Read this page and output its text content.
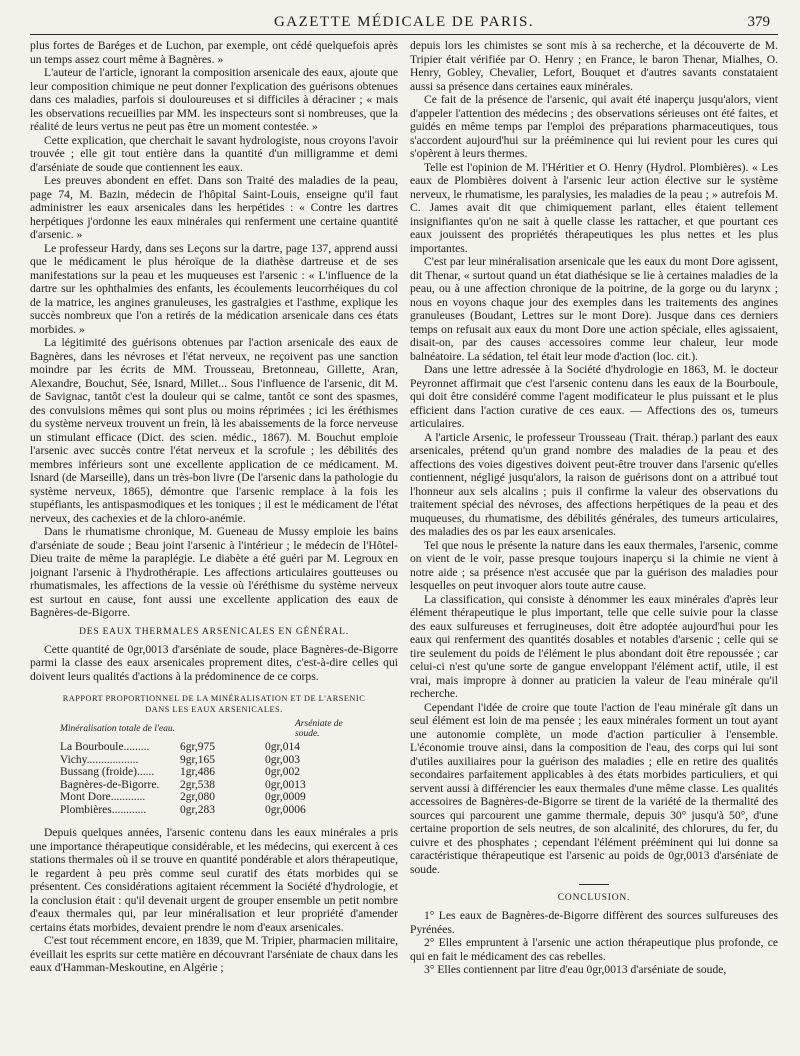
GAZETTE MÉDICALE DE PARIS.	379

plus fortes de Baréges et de Luchon, par exemple, ont cédé quelquefois après un temps assez court même à Bagnères. »

L'auteur de l'article, ignorant la composition arsenicale des eaux, ajoute que leur composition chimique ne peut donner l'explication des guérisons obtenues dans ces maladies, parfois si douloureuses et si difficiles à déraciner ; « mais les observations recueillies par MM. les inspecteurs sont si nombreuses, que la réalité de leurs vertus ne peut pas être un moment contestée. »

Cette explication, que cherchait le savant hydrologiste, nous croyons l'avoir trouvée ; elle git tout entière dans la quantité d'un milligramme et demi d'arséniate de soude que contiennent les eaux.

Les preuves abondent en effet. Dans son Traité des maladies de la peau, page 74, M. Bazin, médecin de l'hôpital Saint-Louis, enseigne qu'il faut administrer les eaux arsenicales dans les herpétides : « Contre les dartres herpétiques j'ordonne les eaux minérales qui renferment une certaine quantité d'arsenic. »

Le professeur Hardy, dans ses Leçons sur la dartre, page 137, apprend aussi que le médicament le plus héroïque de la diathèse dartreuse et de ses manifestations sur la peau et les muqueuses est l'arsenic : « L'influence de la dartre sur les ophthalmies des enfants, les écoulements leucorrhéiques du col de la matrice, les angines granuleuses, les gastralgies et l'asthme, explique les succès nombreux que l'on a retirés de la médication arsenicale dans ces états morbides. »

La légitimité des guérisons obtenues par l'action arsenicale des eaux de Bagnères, dans les névroses et l'état nerveux, ne reçoivent pas une sanction moindre par les écrits de MM. Trousseau, Bretonneau, Gillette, Aran, Alexandre, Bouchut, Sée, Isnard, Millet... Sous l'influence de l'arsenic, dit M. de Savignac, tantôt c'est la douleur qui se calme, tantôt ce sont des spasmes, des convulsions mêmes qui sont plus ou moins réprimées ; ici les éréthismes du système nerveux trouvent un frein, là les abaissements de la force nerveuse un stimulant efficace (Dict. des scien. médic., 1867). M. Bouchut emploie l'arsenic avec succès contre l'état nerveux et la scrofule ; les débilités des membres inférieurs sont une excellente application de ce médicament. M. Isnard (de Marseille), dans un très-bon livre (De l'arsenic dans la pathologie du système nerveux, 1865), démontre que l'arsenic remplace à la fois les stupéfiants, les antispasmodiques et les toniques ; il est le médicament de l'état nerveux, des cachexies et de la chloro-anémie.

Dans le rhumatisme chronique, M. Gueneau de Mussy emploie les bains d'arséniate de soude ; Beau joint l'arsenic à l'intérieur ; le médecin de l'Hôtel-Dieu traite de même la paraplégie. Le diabète a été guéri par M. Legroux en joignant l'arsenic à l'hydrothérapie. Les affections articulaires goutteuses ou rhumatismales, les affections de la vessie où l'éréthisme du système nerveux est surtout en cause, font aussi une excellente application des eaux de Bagnères-de-Bigorre.

DES EAUX THERMALES ARSENICALES EN GÉNÉRAL.

Cette quantité de 0gr,0013 d'arséniate de soude, place Bagnères-de-Bigorre parmi la classe des eaux arsenicales proprement dites, c'est-à-dire celles qui doivent leurs qualités d'actions à la prédominence de ce corps.

RAPPORT PROPORTIONNEL DE LA MINÉRALISATION ET DE L'ARSENIC
DANS LES EAUX ARSENICALES.
Minéralisation totale de l'eau.		Arséniate de soude.
La Bourboule.........	6gr,975	0gr,014
Vichy..................	9gr,165	0gr,003
Bussang (froide)......	1gr,486	0gr,002
Bagnères-de-Bigorre.	2gr,538	0gr,0013
Mont Dore............	2gr,080	0gr,0009
Plombières............	0gr,283	0gr,0006

Depuis quelques années, l'arsenic contenu dans les eaux minérales a pris une importance thérapeutique considérable, et les médecins, qui exercent à ces stations thermales où il se trouve en quantité pondérable et alors thérapeutique, le regardent à peu près comme seul curatif des états morbides qui se présentent. Ces considérations agitaient récemment la Société d'hydrologie, et la conclusion était : qu'il devenait urgent de grouper ensemble un petit nombre d'eaux thermales qui, par leur minéralisation et leur propriété d'amender certains états morbides, devaient prendre le nom d'eaux arsenicales.

C'est tout récemment encore, en 1839, que M. Tripier, pharmacien militaire, éveillait les esprits sur cette matière en découvrant l'arséniate de chaux dans les eaux d'Hamman-Meskoutine, en Algérie ;

depuis lors les chimistes se sont mis à sa recherche, et la découverte de M. Tripier était vérifiée par O. Henry ; en France, le baron Thenar, Mialhes, O. Henry, Gobley, Chevalier, Lefort, Bouquet et d'autres savants constataient aussi sa présence dans certaines eaux minérales.

Ce fait de la présence de l'arsenic, qui avait été inaperçu jusqu'alors, vient d'appeler l'attention des médecins ; des observations sérieuses ont été faites, et guidés en même temps par l'emploi des préparations pharmaceutiques, tous s'accordent aujourd'hui sur la prééminence qui lui revient pour les cures qui s'opèrent à leurs thermes.

Telle est l'opinion de M. l'Héritier et O. Henry (Hydrol. Plombières). « Les eaux de Plombières doivent à l'arsenic leur action élective sur le système nerveux, le rhumatisme, les paralysies, les maladies de la peau ; » autrefois M. C. James avait dit que chimiquement parlant, elles étaient tellement insignifiantes qu'on ne sait à quelle classe les rattacher, et que pourtant ces eaux jouissent des propriétés thérapeutiques les plus nettes et les plus importantes.

C'est par leur minéralisation arsenicale que les eaux du mont Dore agissent, dit Thenar, « surtout quand un état diathésique se lie à certaines maladies de la peau, ou à une affection chronique de la poitrine, de la gorge ou du larynx ; nous en voyons chaque jour des exemples dans les traitements des angines granuleuses (Boudant, Lettres sur le mont Dore). Jusque dans ces derniers temps on refusait aux eaux du mont Dore une action spéciale, elles agissaient, disait-on, par des causes accessoires comme leur chaleur, leur mode balnéatoire. La sédation, tel était leur mode d'action (loc. cit.).

Dans une lettre adressée à la Société d'hydrologie en 1863, M. le docteur Peyronnet affirmait que c'est l'arsenic contenu dans les eaux de la Bourboule, qui doit être considéré comme l'agent modificateur le plus puissant et le plus efficient dans l'action curative de ces eaux. — Affections des os, tumeurs articulaires.

A l'article Arsenic, le professeur Trousseau (Trait. thérap.) parlant des eaux arsenicales, prétend qu'un grand nombre des maladies de la peau et des affections des voies digestives doivent peut-être trouver dans l'arsenic qu'elles contiennent, négligé jusqu'alors, la raison de guérisons dont on a attribué tout l'honneur aux sels alcalins ; puis il confirme la valeur des observations du traitement spécial des névroses, des affections herpétiques de la peau et des muqueuses, du rhumatisme, des débilités générales, des tumeurs articulaires, des maladies des os par les eaux arsenicales.

Tel que nous le présente la nature dans les eaux thermales, l'arsenic, comme on vient de le voir, passe presque toujours inaperçu si la chimie ne vient à notre aide ; sa présence n'est accusée que par la guérison des maladies pour lesquelles on peut invoquer alors toute autre cause.

La classification, qui consiste à dénommer les eaux minérales d'après leur élément thérapeutique le plus important, telle que celle suivie pour la classe des eaux sulfureuses et ferrugineuses, doit être adoptée aujourd'hui pour les eaux qui renferment des quantités dosables et notables d'arsenic ; celle qui se tire seulement du poids de l'élément le plus abondant doit être repoussée ; car celui-ci n'est qu'une sorte de gangue enveloppant l'élément actif, utile, il est vrai, mais impropre à donner au praticien la valeur de l'eau minérale qu'il recherche.

Cependant l'idée de croire que toute l'action de l'eau minérale gît dans un seul élément est loin de ma pensée ; les eaux minérales forment un tout ayant une autonomie complète, un mode d'action particulier à l'ensemble. L'économie trouve ainsi, dans la composition de l'eau, des corps qui lui sont d'utiles auxiliaires pour la guérison des maladies ; elle en retire des qualités secondaires parfaitement applicables à des états morbides particuliers, et qui servent aussi à différencier les eaux thermales d'une même classe. Les qualités accessoires de Bagnères-de-Bigorre se tirent de la variété de la thermalité des sources qui parcourent une gamme thermale, depuis 30° jusqu'à 50°, d'une certaine proportion de sels neutres, de son alcalinité, des chlorures, du fer, du cuivre et des phosphates ; cependant l'élément prééminent qui lui donne sa caractéristique thérapeutique est l'arsenic au poids de 0gr,0013 d'arséniate de soude.

CONCLUSION.

1° Les eaux de Bagnères-de-Bigorre diffèrent des sources sulfureuses des Pyrénées.

2° Elles empruntent à l'arsenic une action thérapeutique plus profonde, ce qui en fait le médicament des cas rebelles.

3° Elles contiennent par litre d'eau 0gr,0013 d'arséniate de soude,
